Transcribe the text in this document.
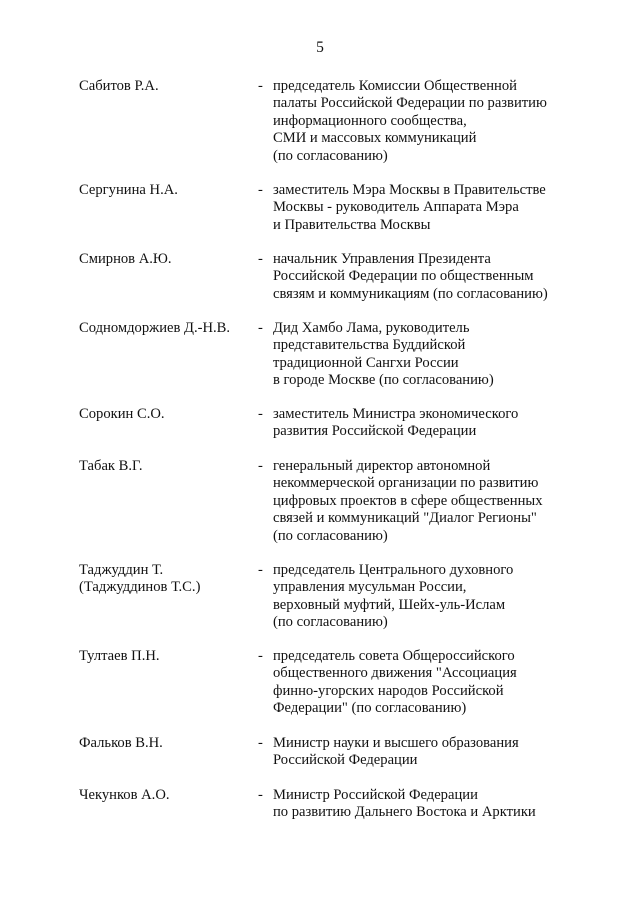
5
Сабитов Р.А.	- председатель Комиссии Общественной
палаты Российской Федерации по развитию
информационного сообщества,
СМИ и массовых коммуникаций
(по согласованию)
Сергунина Н.А.	- заместитель Мэра Москвы в Правительстве
Москвы - руководитель Аппарата Мэра
и Правительства Москвы
Смирнов А.Ю.	- начальник Управления Президента
Российской Федерации по общественным
связям и коммуникациям (по согласованию)
Содномдоржиев Д.-Н.В.	- Дид Хамбо Лама, руководитель
представительства Буддийской
традиционной Сангхи России
в городе Москве (по согласованию)
Сорокин С.О.	- заместитель Министра экономического
развития Российской Федерации
Табак В.Г.	- генеральный директор автономной
некоммерческой организации по развитию
цифровых проектов в сфере общественных
связей и коммуникаций "Диалог Регионы"
(по согласованию)
Таджуддин Т.
(Таджуддинов Т.С.)
- председатель Центрального духовного
управления мусульман России,
верховный муфтий, Шейх-уль-Ислам
(по согласованию)
Тултаев П.Н.	- председатель совета Общероссийского
общественного движения "Ассоциация
финно-угорских народов Российской
Федерации" (по согласованию)
Фальков В.Н.	- Министр науки и высшего образования
Российской Федерации
Чекунков А.О.	- Министр Российской Федерации
по развитию Дальнего Востока и Арктики
